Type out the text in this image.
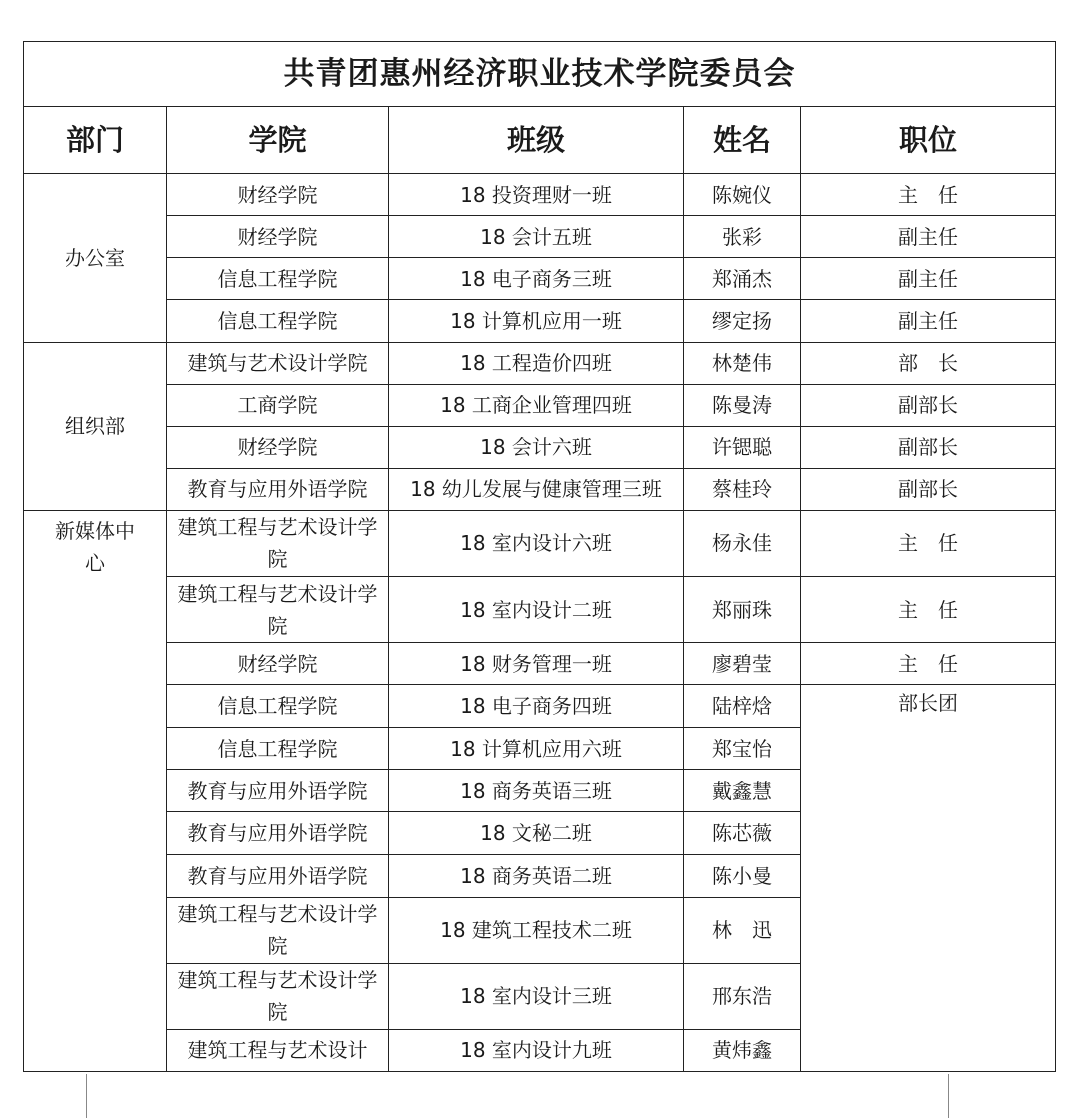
共青团惠州经济职业技术学院委员会				
部门	学院	班级	姓名	职位
办公室	财经学院	18 投资理财一班	陈婉仪	主　任
	财经学院	18 会计五班	张彩	副主任
	信息工程学院	18 电子商务三班	郑涌杰	副主任
	信息工程学院	18 计算机应用一班	缪定扬	副主任
组织部	建筑与艺术设计学院	18 工程造价四班	林楚伟	部　长
	工商学院	18 工商企业管理四班	陈曼涛	副部长
	财经学院	18 会计六班	许锶聪	副部长
	教育与应用外语学院	18 幼儿发展与健康管理三班	蔡桂玲	副部长
新媒体中心	建筑工程与艺术设计学院	18 室内设计六班	杨永佳	主　任
	建筑工程与艺术设计学院	18 室内设计二班	郑丽珠	主　任
	财经学院	18 财务管理一班	廖碧莹	主　任
	信息工程学院	18 电子商务四班	陆梓焓	部长团
	信息工程学院	18 计算机应用六班	郑宝怡	
	教育与应用外语学院	18 商务英语三班	戴鑫慧	
	教育与应用外语学院	18 文秘二班	陈芯薇	
	教育与应用外语学院	18 商务英语二班	陈小曼	
	建筑工程与艺术设计学院	18 建筑工程技术二班	林　迅	
	建筑工程与艺术设计学院	18 室内设计三班	邢东浩	
	建筑工程与艺术设计	18 室内设计九班	黄炜鑫	
